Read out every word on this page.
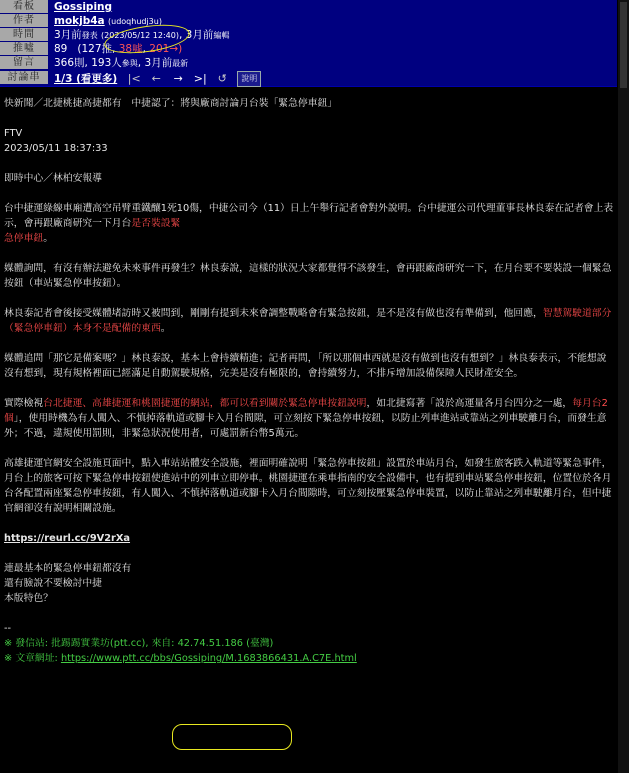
看板	Gossiping
作者	mokjb4a (udoqhudj3u)
時間	3月前發表 (2023/05/12 12:40), 3月前編輯
推噓	89 (127推, 38噓, 201→)
留言	366則, 193人參與, 3月前最新
討論串	1/3 (看更多) |< ←	→ >| ↺	說明

快新聞／北捷桃捷高捷都有　中捷認了：將與廠商討論月台裝「緊急停車鈕」

FTV

2023/05/11 18:37:33

即時中心／林柏安報導

台中捷運綠線車廂遭高空吊臂重鐵釀1死10傷，中捷公司今（11）日上午舉行記者會對外說明。台中捷運公司代理董事長林良泰在記者會上表示，會再跟廠商研究一下月台是否裝設緊
急停車鈕。

媒體詢問，有沒有辦法避免未來事件再發生？林良泰說，這樣的狀況大家都覺得不該發生，會再跟廠商研究一下，在月台要不要裝設一個緊急按鈕（車站緊急停車按鈕）。

林良泰記者會後接受媒體堵訪時又被問到，剛剛有提到未來會調整戰略會有緊急按鈕，是不是沒有做也沒有準備到，他回應，智慧駕駛道部分（緊急停車鈕）本身不是配備的東西。

媒體追問「那它是備案嗎？」林良泰說，基本上會持續精進；記者再問，「所以那個車西就是沒有做到也沒有想到？」林良泰表示，不能想說沒有想到，現有規格裡面已經滿足自動駕駛規格，完美是沒有極限的，會持續努力，不排斥增加設備保障人民財產安全。

實際檢視台北捷運、高雄捷運和桃園捷運的網站，都可以看到關於緊急停車按鈕說明，如北捷寫著「設於高運量各月台四分之一處，每月台2個」，使用時機為有人闖入、不慎掉落軌道或腳卡入月台間隙，可立刻按下緊急停車按鈕，以防止列車進站或靠站之列車駛離月台，而發生意外；不過，違規使用罰則，非緊急狀況使用者，可處罰新台幣5萬元。

高雄捷運官網安全設施頁面中，點入車站站體安全設施，裡面明確說明「緊急停車按鈕」設置於車站月台，如發生旅客跌入軌道等緊急事件，月台上的旅客可按下緊急停車按鈕使進站中的列車立即停車。桃園捷運在乘車指南的安全設備中，也有提到車站緊急停車按鈕，位置位於各月台各配置兩座緊急停車按鈕，有人闖入、不慎掉落軌道或腳卡入月台間隙時，可立刻按壓緊急停車裝置，以防止靠站之列車駛離月台，但中捷官網卻沒有說明相關設施。

https://reurl.cc/9V2rXa

連最基本的緊急停車鈕都沒有

還有臉說不要檢討中捷

本版特色？

--

※ 發信站: 批踢踢實業坊(ptt.cc), 來自: 42.74.51.186 (臺灣)

※ 文章網址: https://www.ptt.cc/bbs/Gossiping/M.1683866431.A.C7E.html
